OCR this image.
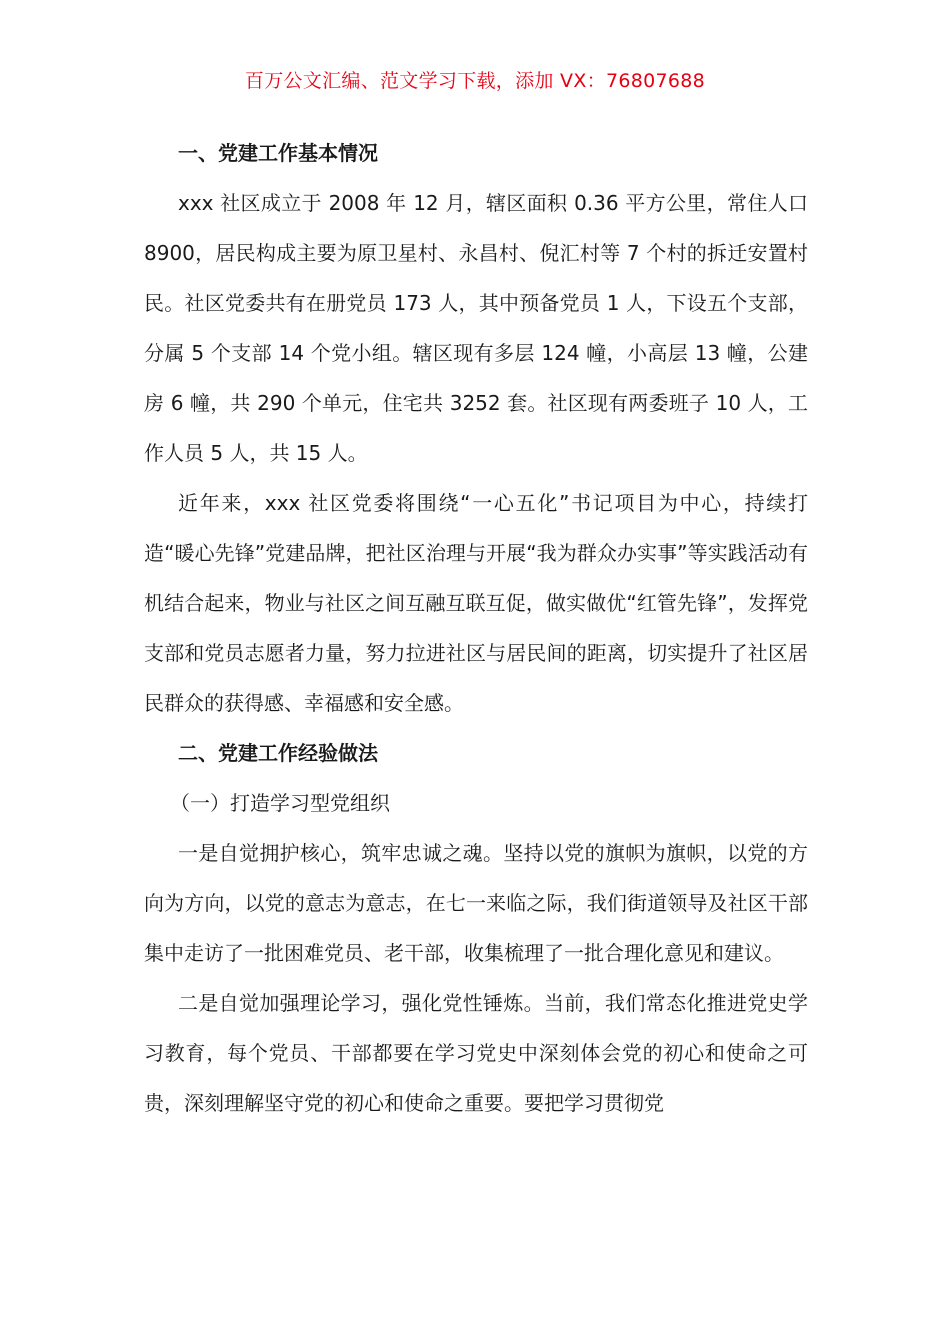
百万公文汇编、范文学习下载，添加 VX：76807688

一、党建工作基本情况

xxx 社区成立于 2008 年 12 月，辖区面积 0.36 平方公里，常住人口 8900，居民构成主要为原卫星村、永昌村、倪汇村等 7 个村的拆迁安置村民。社区党委共有在册党员 173 人，其中预备党员 1 人，下设五个支部，分属 5 个支部 14 个党小组。辖区现有多层 124 幢，小高层 13 幢，公建房 6 幢，共 290 个单元，住宅共 3252 套。社区现有两委班子 10 人，工作人员 5 人，共 15 人。

近年来，xxx 社区党委将围绕“一心五化”书记项目为中心，持续打造“暖心先锋”党建品牌，把社区治理与开展“我为群众办实事”等实践活动有机结合起来，物业与社区之间互融互联互促，做实做优“红管先锋”，发挥党支部和党员志愿者力量，努力拉进社区与居民间的距离，切实提升了社区居民群众的获得感、幸福感和安全感。

二、党建工作经验做法

（一）打造学习型党组织

一是自觉拥护核心，筑牢忠诚之魂。坚持以党的旗帜为旗帜，以党的方向为方向，以党的意志为意志，在七一来临之际，我们街道领导及社区干部集中走访了一批困难党员、老干部，收集梳理了一批合理化意见和建议。

二是自觉加强理论学习，强化党性锤炼。当前，我们常态化推进党史学习教育，每个党员、干部都要在学习党史中深刻体会党的初心和使命之可贵，深刻理解坚守党的初心和使命之重要。要把学习贯彻党
